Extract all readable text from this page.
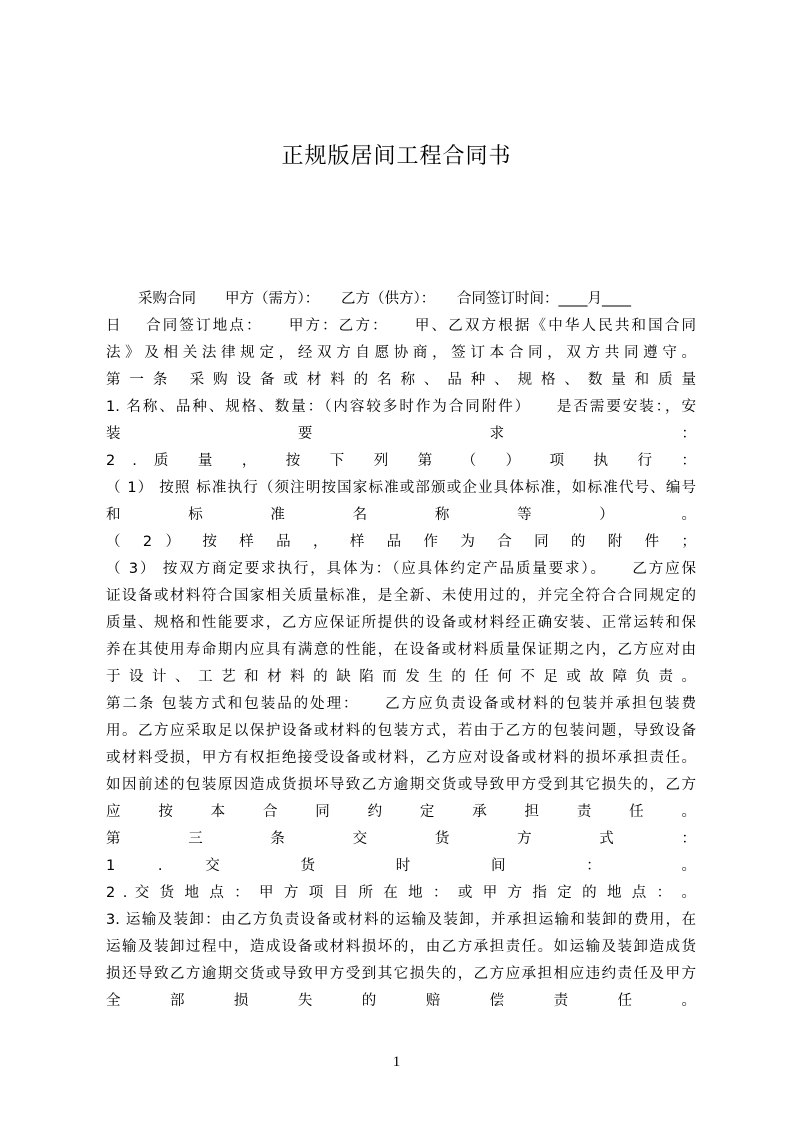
正规版居间工程合同书
采购合同　　甲方（需方）：　　乙方（供方）：　　合同签订时间：____月____
日　 合同签订地点：　　甲方：乙方：　　甲、乙双方根据《中华人民共和国合同
法》及相关法律规定，经双方自愿协商，签订本合同，双方共同遵守。
第一条 采购设备或材料的名称、品种、规格、数量和质量
1. 名称、品种、规格、数量：（内容较多时作为合同附件）　　是否需要安装：，安
装 要 求 ：
2 . 质 量 ， 按 下 列 第 （ ） 项 执 行 ：
（ 1） 按照 标准执行（须注明按国家标准或部颁或企业具体标准，如标准代号、编号
和 标 准 名 称 等 ） 。
（ 2 ） 按 样 品 ， 样 品 作 为 合 同 的 附 件 ；
（ 3） 按双方商定要求执行，具体为：（应具体约定产品质量要求）。　　乙方应保
证设备或材料符合国家相关质量标准，是全新、未使用过的，并完全符合合同规定的
质量、规格和性能要求，乙方应保证所提供的设备或材料经正确安装、正常运转和保
养在其使用寿命期内应具有满意的性能，在设备或材料质量保证期之内，乙方应对由
于设计、工艺和材料的缺陷而发生的任何不足或故障负责。
第二条 包装方式和包装品的处理：　　乙方应负责设备或材料的包装并承担包装费
用。乙方应采取足以保护设备或材料的包装方式，若由于乙方的包装问题，导致设备
或材料受损，甲方有权拒绝接受设备或材料，乙方应对设备或材料的损坏承担责任。
如因前述的包装原因造成货损坏导致乙方逾期交货或导致甲方受到其它损失的，乙方
应 按 本 合 同 约 定 承 担 责 任 。
第 三 条 交 货 方 式 ：
1 . 交 货 时 间 ： 。
2 . 交 货 地 点 ： 甲 方 项 目 所 在 地 ： 或 甲 方 指 定 的 地 点 ： 。
3. 运输及装卸：由乙方负责设备或材料的运输及装卸，并承担运输和装卸的费用，在
运输及装卸过程中，造成设备或材料损坏的，由乙方承担责任。如运输及装卸造成货
损还导致乙方逾期交货或导致甲方受到其它损失的，乙方应承担相应违约责任及甲方
全 部 损 失 的 赔 偿 责 任 。
1
